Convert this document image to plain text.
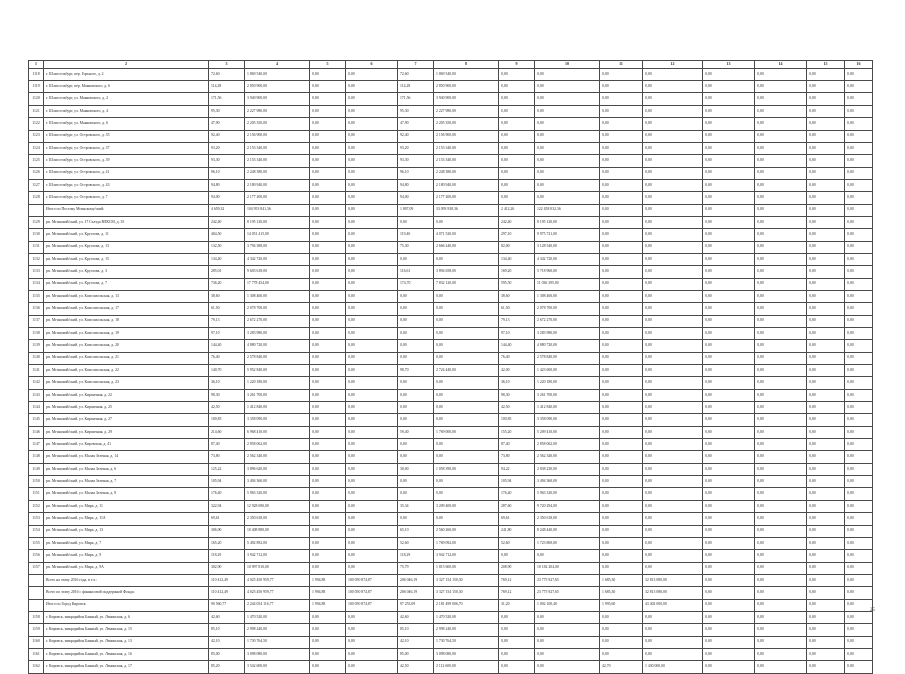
1	2	3	4	5	6	7	8	9	10	11	12	13	14	15	16
1118	г. Шлиссельбург, пер. Горького, д. 2	72,60	1 869 540,00	0,00	0,00	72,60	1 869 540,00	0,00	0,00	0,00	0,00	0,00	0,00	0,00	0,00
1119	г. Шлиссельбург, пер. Маяковского, д. 6	114,28	2 850 900,00	0,00	0,00	114,28	2 850 900,00	0,00	0,00	0,00	0,00	0,00	0,00	0,00	0,00
1120	г. Шлиссельбург, ул. Маяковского, д. 2	171,56	3 940 900,00	0,00	0,00	171,56	3 940 900,00	0,00	0,00	0,00	0,00	0,00	0,00	0,00	0,00
1121	г. Шлиссельбург, ул. Маяковского, д. 4	95,30	2 227 980,00	0,00	0,00	95,30	2 227 980,00	0,00	0,00	0,00	0,00	0,00	0,00	0,00	0,00
1122	г. Шлиссельбург, ул. Маяковского, д. 6	47,90	2 205 350,00	0,00	0,00	47,90	2 205 350,00	0,00	0,00	0,00	0,00	0,00	0,00	0,00	0,00
1123	г. Шлиссельбург, ул. Островского, д. 35	92,40	2 156 900,00	0,00	0,00	92,40	2 156 900,00	0,00	0,00	0,00	0,00	0,00	0,00	0,00	0,00
1124	г. Шлиссельбург, ул. Островского, д. 37	93,20	2 153 340,00	0,00	0,00	93,20	2 153 340,00	0,00	0,00	0,00	0,00	0,00	0,00	0,00	0,00
1125	г. Шлиссельбург, ул. Островского, д. 39	93,30	2 153 340,00	0,00	0,00	93,30	2 153 340,00	0,00	0,00	0,00	0,00	0,00	0,00	0,00	0,00
1126	г. Шлиссельбург, ул. Островского, д. 41	96,10	2 248 380,00	0,00	0,00	96,10	2 248 380,00	0,00	0,00	0,00	0,00	0,00	0,00	0,00	0,00
1127	г. Шлиссельбург, ул. Островского, д. 43	94,80	2 180 940,00	0,00	0,00	94,80	2 180 940,00	0,00	0,00	0,00	0,00	0,00	0,00	0,00	0,00
1128	г. Шлиссельбург, ул. Островского, д. 7	94,00	2 177 200,00	0,00	0,00	94,00	2 177 200,00	0,00	0,00	0,00	0,00	0,00	0,00	0,00	0,00
	Итого по Поселку Мгинскому/ский:	4 659,32	104 953 841,36	0,00	0,00	1 807,09	33 093 938,36	2 412,26	122 458 032,36	0,00	0,00	0,00	0,00	0,00	0,00
1129	рп. Мгинский/ский, ул. 17 Съезда ВЛКСМ, д. 35	242,40	8 195 120,00	0,00	0,00	0,00	0,00	242,40	8 195 120,00	0,00	0,00	0,00	0,00	0,00	0,00
1130	рп. Мгинский/ский, ул. Круглова, д. 11	404,50	14 051 415,00	0,00	0,00	119,40	4 071 520,00	297,10	9 975 721,00	0,00	0,00	0,00	0,00	0,00	0,00
1131	рп. Мгинский/ский, ул. Круглова, д. 13	132,50	3 794 388,00	0,00	0,00	75,30	2 666 240,00	82,00	3 128 540,00	0,00	0,00	0,00	0,00	0,00	0,00
1132	рп. Мгинский/ский, ул. Круглова, д. 15	134,40	4 342 720,00	0,00	0,00	0,00	0,00	134,40	4 342 720,00	0,00	0,00	0,00	0,00	0,00	0,00
1133	рп. Мгинский/ский, ул. Круглова, д. 3	285,01	9 603 618,00	0,00	0,00	116,61	3 894 658,00	169,20	5 718 960,00	0,00	0,00	0,00	0,00	0,00	0,00
1134	рп. Мгинский/ский, ул. Круглова, д. 7	736,20	17 778 454,00	0,00	0,00	174,70	7 832 120,00	595,50	11 036 395,00	0,00	0,00	0,00	0,00	0,00	0,00
1135	рп. Мгинский/ский, ул. Комсомольская, д. 13	38,60	1 308 460,00	0,00	0,00	0,00	0,00	38,60	1 308 460,00	0,00	0,00	0,00	0,00	0,00	0,00
1136	рп. Мгинский/ский, ул. Комсомольская, д. 17	61,50	2 078 700,00	0,00	0,00	0,00	0,00	61,50	2 078 700,00	0,00	0,00	0,00	0,00	0,00	0,00
1137	рп. Мгинский/ский, ул. Комсомольская, д. 18	79,13	2 672 270,00	0,00	0,00	0,00	0,00	79,13	2 672 270,00	0,00	0,00	0,00	0,00	0,00	0,00
1138	рп. Мгинский/ский, ул. Комсомольская, д. 19	97,10	3 283 980,00	0,00	0,00	0,00	0,00	97,10	3 283 980,00	0,00	0,00	0,00	0,00	0,00	0,00
1139	рп. Мгинский/ский, ул. Комсомольская, д. 20	144,40	4 880 720,00	0,00	0,00	0,00	0,00	144,40	4 880 720,00	0,00	0,00	0,00	0,00	0,00	0,00
1140	рп. Мгинский/ский, ул. Комсомольская, д. 21	76,40	2 578 840,00	0,00	0,00	0,00	0,00	76,40	2 578 840,00	0,00	0,00	0,00	0,00	0,00	0,00
1141	рп. Мгинский/ский, ул. Комсомольская, д. 22	140,70	5 952 840,00	0,00	0,00	98,70	2 724 440,00	42,00	1 423 600,00	0,00	0,00	0,00	0,00	0,00	0,00
1142	рп. Мгинский/ский, ул. Комсомольская, д. 23	36,10	1 220 180,00	0,00	0,00	0,00	0,00	36,10	1 220 180,00	0,00	0,00	0,00	0,00	0,00	0,00
1143	рп. Мгинский/ский, ул. Кирпичная, д. 22	98,30	3 261 700,00	0,00	0,00	0,00	0,00	98,30	3 261 700,00	0,00	0,00	0,00	0,00	0,00	0,00
1144	рп. Мгинский/ский, ул. Кирпичная, д. 25	42,50	1 412 840,00	0,00	0,00	0,00	0,00	42,50	1 412 840,00	0,00	0,00	0,00	0,00	0,00	0,00
1145	рп. Мгинский/ский, ул. Кирпичная, д. 27	100,85	3 358 090,00	0,00	0,00	0,00	0,00	100,85	3 358 090,00	0,00	0,00	0,00	0,00	0,00	0,00
1146	рп. Мгинский/ский, ул. Кирпичная, д. 29	214,60	6 968 410,00	0,00	0,00	59,40	1 769 000,00	155,20	5 209 410,00	0,00	0,00	0,00	0,00	0,00	0,00
1147	рп. Мгинский/ский, ул. Кировская, д. 41	87,40	2 858 062,00	0,00	0,00	0,00	0,00	87,40	2 858 062,00	0,00	0,00	0,00	0,00	0,00	0,00
1148	рп. Мгинский/ский, ул. Малая Зеленая, д. 14	73,80	2 562 340,00	0,00	0,00	0,00	0,00	73,80	2 562 340,00	0,00	0,00	0,00	0,00	0,00	0,00
1149	рп. Мгинский/ский, ул. Малая Зеленая, д. 6	125,22	3 896 620,00	0,00	0,00	30,00	1 058 390,00	94,22	2 838 230,00	0,00	0,00	0,00	0,00	0,00	0,00
1150	рп. Мгинский/ский, ул. Малая Зеленая, д. 7	105,94	3 494 360,00	0,00	0,00	0,00	0,00	105,94	3 494 360,00	0,00	0,00	0,00	0,00	0,00	0,00
1151	рп. Мгинский/ский, ул. Малая Зеленая, д. 8	176,40	5 963 320,00	0,00	0,00	0,00	0,00	176,40	5 963 320,00	0,00	0,00	0,00	0,00	0,00	0,00
1152	рп. Мгинский/ский, ул. Мира, д. 11	322,94	12 928 690,00	0,00	0,00	35,34	3 209 400,00	287,60	9 720 294,00	0,00	0,00	0,00	0,00	0,00	0,00
1153	рп. Мгинский/ский, ул. Мира, д. 11А	69,61	2 350 618,00	0,00	0,00	0,00	0,00	69,61	2 350 618,00	0,00	0,00	0,00	0,00	0,00	0,00
1154	рп. Мгинский/ский, ул. Мира, д. 13	306,90	10 408 880,00	0,00	0,00	65,10	2 560 260,00	241,80	8 248 440,00	0,00	0,00	0,00	0,00	0,00	0,00
1155	рп. Мгинский/ский, ул. Мира, д. 7	165,20	5 492 892,00	0,00	0,00	52,60	1 769 092,00	52,60	1 723 800,00	0,00	0,00	0,00	0,00	0,00	0,00
1156	рп. Мгинский/ский, ул. Мира, д. 9	118,29	3 942 712,00	0,00	0,00	118,29	3 942 712,00	0,00	0,00	0,00	0,00	0,00	0,00	0,00	0,00
1157	рп. Мгинский/ский, ул. Мира, д. 9А	302,90	10 997 810,00	0,00	0,00	75,79	1 815 600,00	208,90	10 182 204,00	0,00	0,00	0,00	0,00	0,00	0,00
	Всего на этапу 2016 года, в т.ч.:	110 412,49	4 025 450 959,77	1 994,88	100 050 874,87	206 046,19	3 327 154 150,30	769,12	23 775 927,65	1 685,30	32 813 080,00	0,00	0,00	0,00	0,00
	Всего по этапу 2016 с финансовой поддержкой Фонда:	110 412,49	4 025 450 959,77	1 994,88	100 050 874,87	206 046,19	3 327 154 150,30	769,12	23 775 927,65	1 685,30	32 813 080,00	0,00	0,00	0,00	0,00
	Итого по Город Кировск:	90 560,77	2 244 054 116,77	1 994,88	100 050 874,87	97 253,09	2 181 499 006,70	31,20	1 002 100,40	1 995,60	43 402 000,00	0,00	0,00	0,00	0,00
1158	г. Кировск, микрорайон Банный, ул. Ленинская, д. 6	42,60	1 470 520,00	0,00	0,00	42,60	1 470 520,00	0,00	0,00	0,00	0,00	0,00	0,00	0,00	0,00
1159	г. Кировск, микрорайон Банный, ул. Ленинская, д. 15	85,10	2 998 240,00	0,00	0,00	85,10	2 998 240,00	0,00	0,00	0,00	0,00	0,00	0,00	0,00	0,00
1160	г. Кировск, микрорайон Банный, ул. Ленинская, д. 13	42,10	1 730 764,50	0,00	0,00	42,10	1 730 764,50	0,00	0,00	0,00	0,00	0,00	0,00	0,00	0,00
1161	г. Кировск, микрорайон Банный, ул. Ленинская, д. 16	85,00	3 098 080,00	0,00	0,00	85,00	3 098 080,00	0,00	0,00	0,00	0,00	0,00	0,00	0,00	0,00
1162	г. Кировск, микрорайон Банный, ул. Ленинская, д. 17	85,20	3 542 600,00	0,00	0,00	42,50	2 112 600,00	0,00	0,00	42,70	1 430 000,00	0,00	0,00	0,00	0,00
25
